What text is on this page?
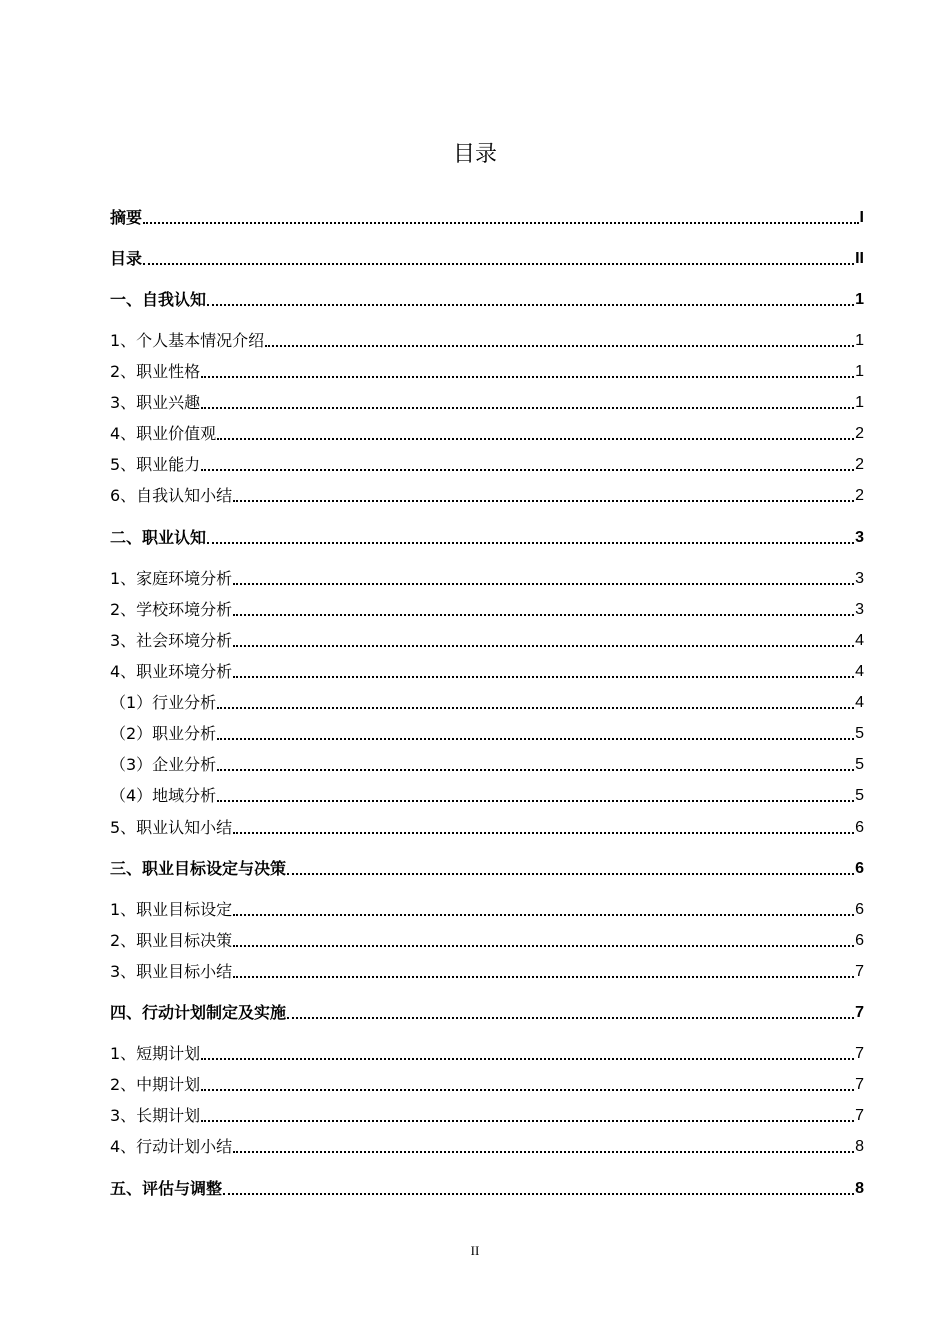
目录
摘要	I
目录	II
一、自我认知	1
1、个人基本情况介绍	1
2、职业性格	1
3、职业兴趣	1
4、职业价值观	2
5、职业能力	2
6、自我认知小结	2
二、职业认知	3
1、家庭环境分析	3
2、学校环境分析	3
3、社会环境分析	4
4、职业环境分析	4
（1）行业分析	4
（2）职业分析	5
（3）企业分析	5
（4）地域分析	5
5、职业认知小结	6
三、职业目标设定与决策	6
1、职业目标设定	6
2、职业目标决策	6
3、职业目标小结	7
四、行动计划制定及实施	7
1、短期计划	7
2、中期计划	7
3、长期计划	7
4、行动计划小结	8
五、评估与调整	8
II
